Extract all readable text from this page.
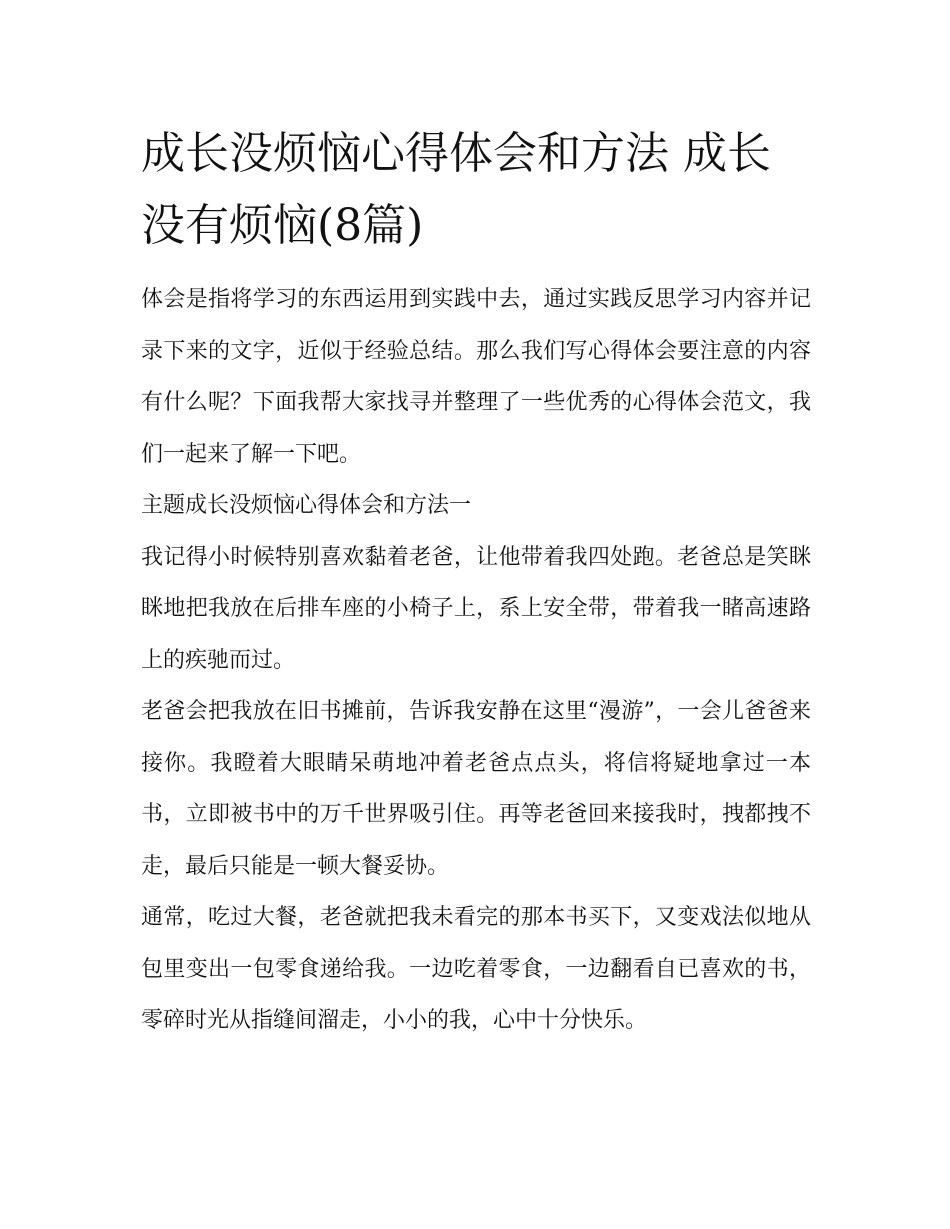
成长没烦恼心得体会和方法 成长没有烦恼(8篇)

体会是指将学习的东西运用到实践中去，通过实践反思学习内容并记录下来的文字，近似于经验总结。那么我们写心得体会要注意的内容有什么呢？下面我帮大家找寻并整理了一些优秀的心得体会范文，我们一起来了解一下吧。

主题成长没烦恼心得体会和方法一

我记得小时候特别喜欢黏着老爸，让他带着我四处跑。老爸总是笑眯眯地把我放在后排车座的小椅子上，系上安全带，带着我一睹高速路上的疾驰而过。

老爸会把我放在旧书摊前，告诉我安静在这里“漫游”，一会儿爸爸来接你。我瞪着大眼睛呆萌地冲着老爸点点头，将信将疑地拿过一本书，立即被书中的万千世界吸引住。再等老爸回来接我时，拽都拽不走，最后只能是一顿大餐妥协。

通常，吃过大餐，老爸就把我未看完的那本书买下，又变戏法似地从包里变出一包零食递给我。一边吃着零食，一边翻看自已喜欢的书，零碎时光从指缝间溜走，小小的我，心中十分快乐。
